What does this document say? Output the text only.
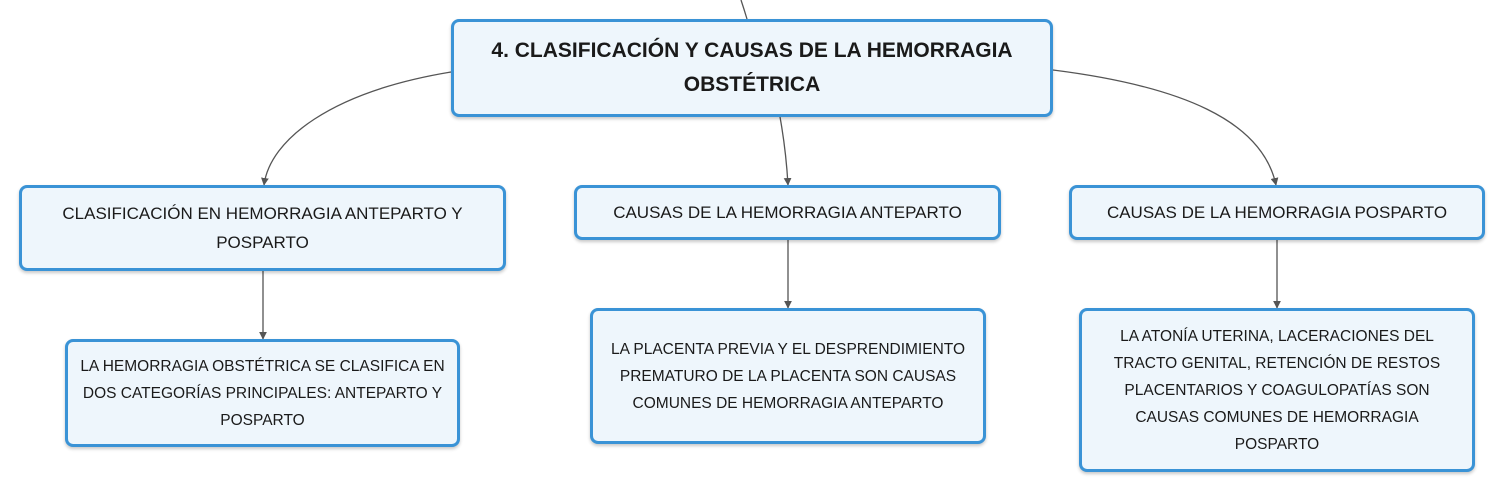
4. CLASIFICACIÓN Y CAUSAS DE LA HEMORRAGIA OBSTÉTRICA
CLASIFICACIÓN EN HEMORRAGIA ANTEPARTO Y POSPARTO
CAUSAS DE LA HEMORRAGIA ANTEPARTO	CAUSAS DE LA HEMORRAGIA POSPARTO
LA HEMORRAGIA OBSTÉTRICA SE CLASIFICA EN DOS CATEGORÍAS PRINCIPALES: ANTEPARTO Y POSPARTO
LA PLACENTA PREVIA Y EL DESPRENDIMIENTO PREMATURO DE LA PLACENTA SON CAUSAS COMUNES DE HEMORRAGIA ANTEPARTO
LA ATONÍA UTERINA, LACERACIONES DEL TRACTO GENITAL, RETENCIÓN DE RESTOS PLACENTARIOS Y COAGULOPATÍAS SON CAUSAS COMUNES DE HEMORRAGIA POSPARTO
